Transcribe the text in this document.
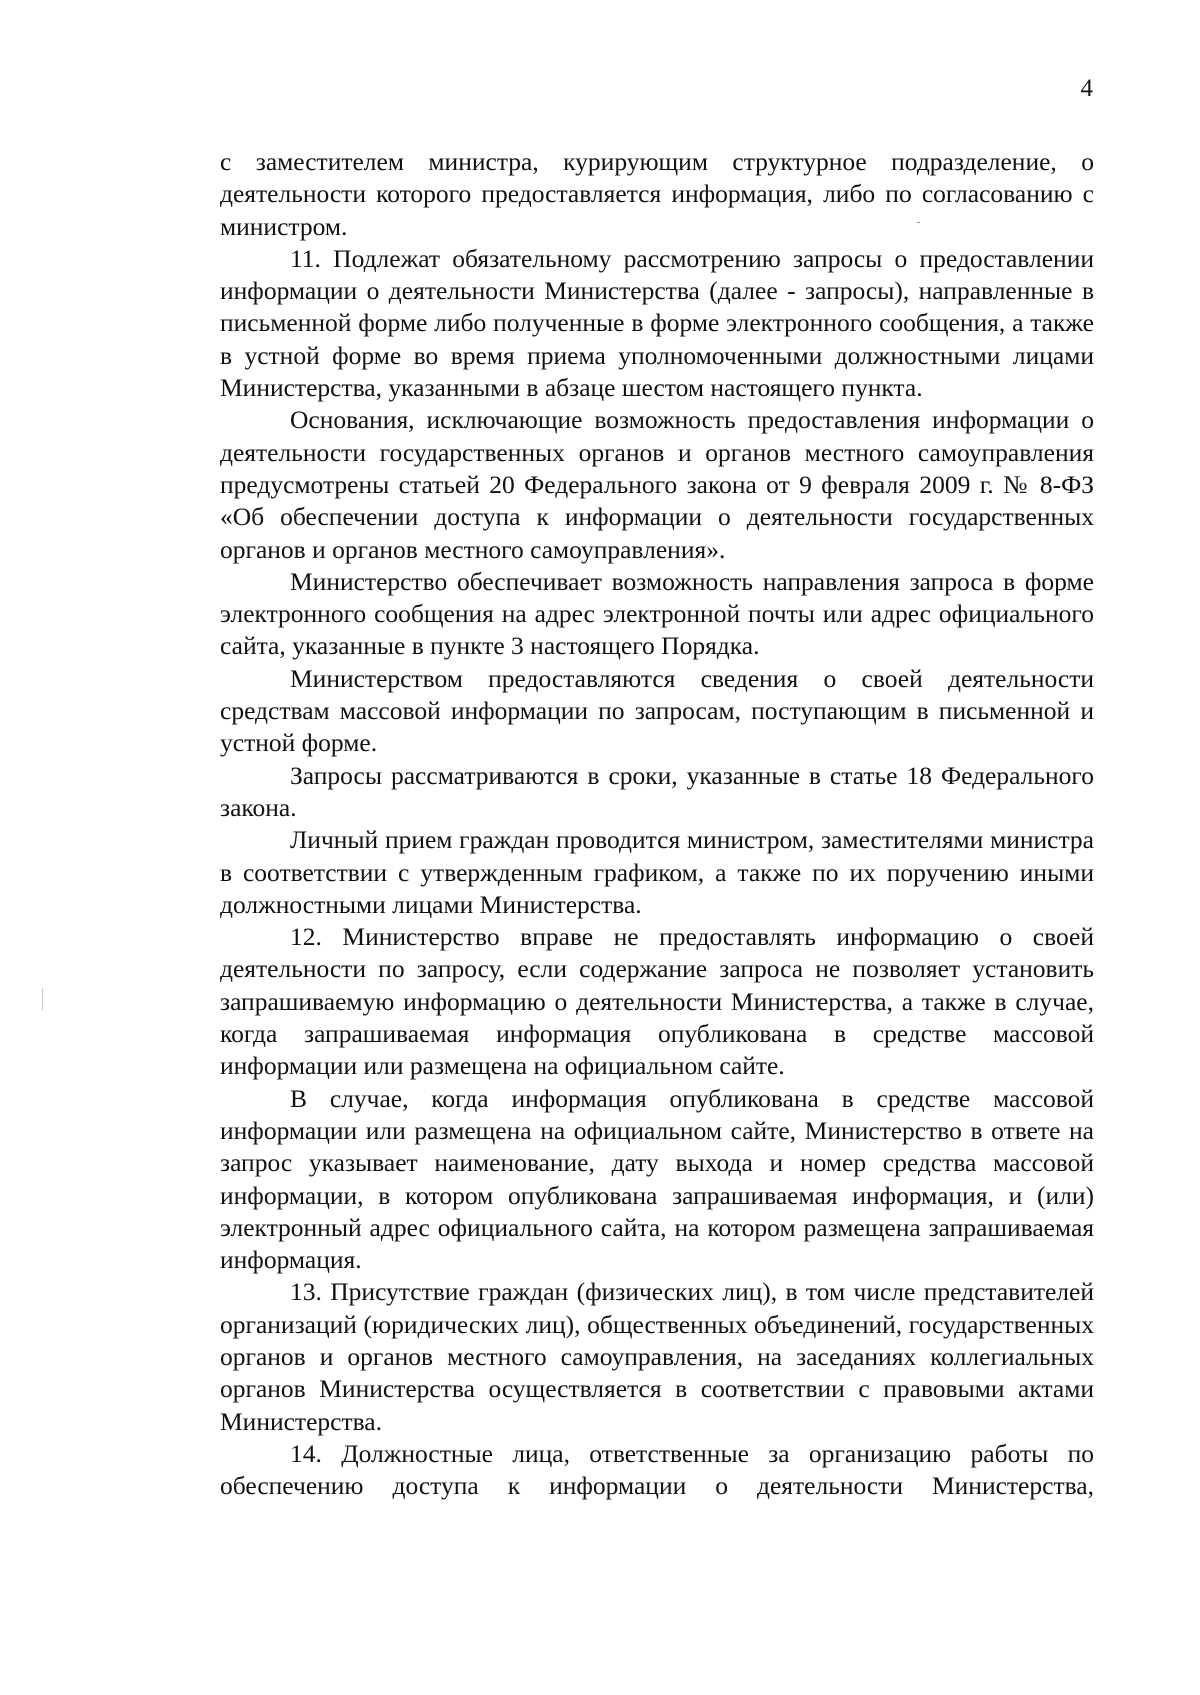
4

с заместителем министра, курирующим структурное подразделение, о деятельности которого предоставляется информация, либо по согласованию с министром.

11. Подлежат обязательному рассмотрению запросы о предоставлении информации о деятельности Министерства (далее - запросы), направленные в письменной форме либо полученные в форме электронного сообщения, а также в устной форме во время приема уполномоченными должностными лицами Министерства, указанными в абзаце шестом настоящего пункта.

Основания, исключающие возможность предоставления информации о деятельности государственных органов и органов местного самоуправления предусмотрены статьей 20 Федерального закона от 9 февраля 2009 г. № 8-ФЗ «Об обеспечении доступа к информации о деятельности государственных органов и органов местного самоуправления».

Министерство обеспечивает возможность направления запроса в форме электронного сообщения на адрес электронной почты или адрес официального сайта, указанные в пункте 3 настоящего Порядка.

Министерством предоставляются сведения о своей деятельности средствам массовой информации по запросам, поступающим в письменной и устной форме.

Запросы рассматриваются в сроки, указанные в статье 18 Федерального закона.

Личный прием граждан проводится министром, заместителями министра в соответствии с утвержденным графиком, а также по их поручению иными должностными лицами Министерства.

12. Министерство вправе не предоставлять информацию о своей деятельности по запросу, если содержание запроса не позволяет установить запрашиваемую информацию о деятельности Министерства, а также в случае, когда запрашиваемая информация опубликована в средстве массовой информации или размещена на официальном сайте.

В случае, когда информация опубликована в средстве массовой информации или размещена на официальном сайте, Министерство в ответе на запрос указывает наименование, дату выхода и номер средства массовой информации, в котором опубликована запрашиваемая информация, и (или) электронный адрес официального сайта, на котором размещена запрашиваемая информация.

13. Присутствие граждан (физических лиц), в том числе представителей организаций (юридических лиц), общественных объединений, государственных органов и органов местного самоуправления, на заседаниях коллегиальных органов Министерства осуществляется в соответствии с правовыми актами Министерства.

14. Должностные лица, ответственные за организацию работы по обеспечению доступа к информации о деятельности Министерства,
